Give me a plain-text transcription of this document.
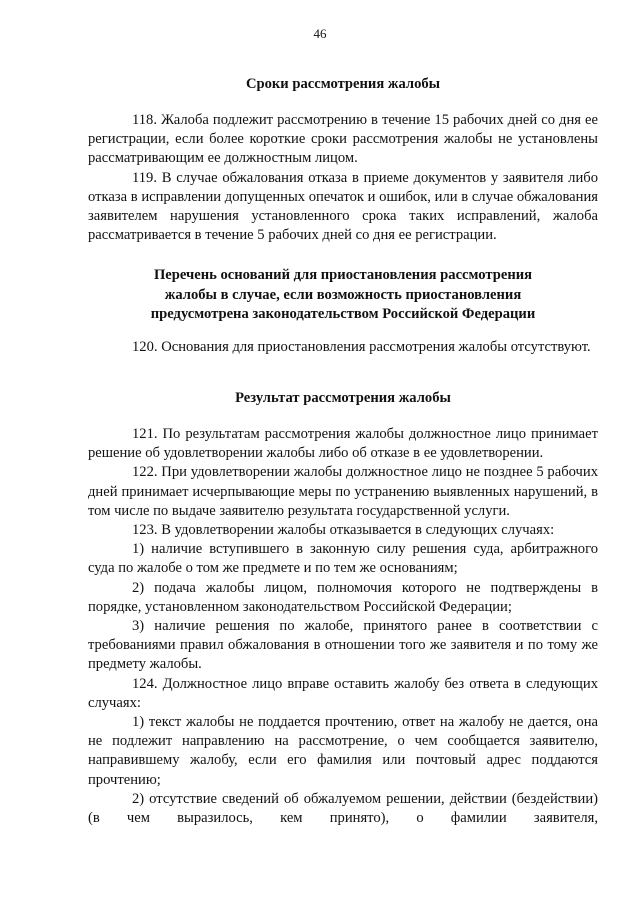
46
Сроки рассмотрения жалобы

118. Жалоба подлежит рассмотрению в течение 15 рабочих дней со дня ее регистрации, если более короткие сроки рассмотрения жалобы не установлены рассматривающим ее должностным лицом.

119. В случае обжалования отказа в приеме документов у заявителя либо отказа в исправлении допущенных опечаток и ошибок, или в случае обжалования заявителем нарушения установленного срока таких исправлений, жалоба рассматривается в течение 5 рабочих дней со дня ее регистрации.

Перечень оснований для приостановления рассмотрения
жалобы в случае, если возможность приостановления
предусмотрена законодательством Российской Федерации

120. Основания для приостановления рассмотрения жалобы отсутствуют.

Результат рассмотрения жалобы

121. По результатам рассмотрения жалобы должностное лицо принимает решение об удовлетворении жалобы либо об отказе в ее удовлетворении.

122. При удовлетворении жалобы должностное лицо не позднее 5 рабочих дней принимает исчерпывающие меры по устранению выявленных нарушений, в том числе по выдаче заявителю результата государственной услуги.

123. В удовлетворении жалобы отказывается в следующих случаях:

1) наличие вступившего в законную силу решения суда, арбитражного суда по жалобе о том же предмете и по тем же основаниям;

2) подача жалобы лицом, полномочия которого не подтверждены в порядке, установленном законодательством Российской Федерации;

3) наличие решения по жалобе, принятого ранее в соответствии с требованиями правил обжалования в отношении того же заявителя и по тому же предмету жалобы.

124. Должностное лицо вправе оставить жалобу без ответа в следующих случаях:

1) текст жалобы не поддается прочтению, ответ на жалобу не дается, она не подлежит направлению на рассмотрение, о чем сообщается заявителю, направившему жалобу, если его фамилия или почтовый адрес поддаются прочтению;

2) отсутствие сведений об обжалуемом решении, действии (бездействии) (в чем выразилось, кем принято), о фамилии заявителя,
